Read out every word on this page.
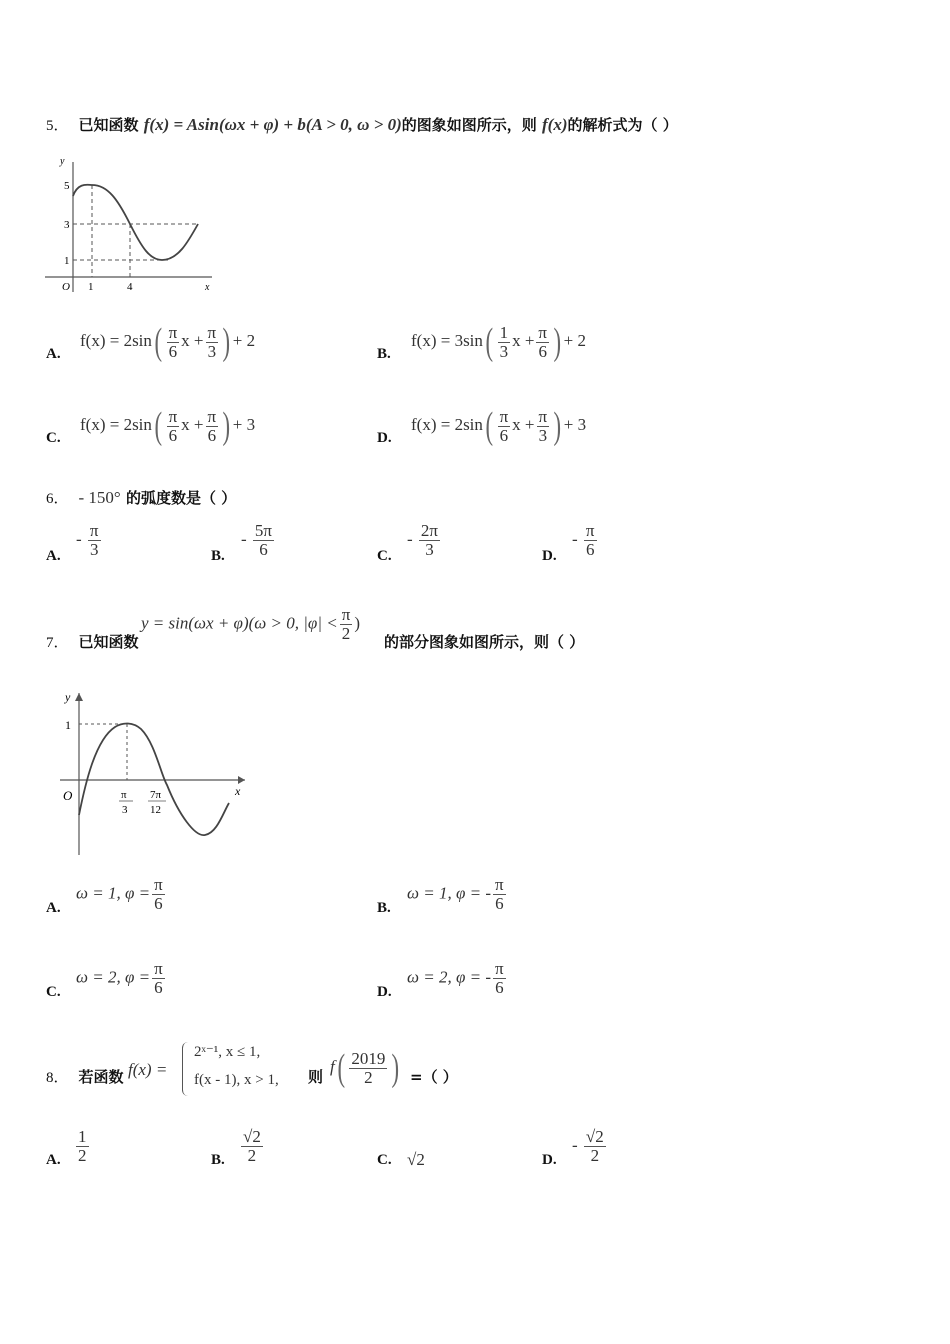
5． 已知函数 f(x) = Asin(ωx + φ) + b(A > 0, ω > 0)的图象如图所示，则 f(x)的解析式为（ ）
y
x
O
5
3
1
1	4
A.
$f(x) = 2\sin( \frac{\pi}{6}$ $x + \frac{\pi}{3}$ ) + 2
B.
$f(x) = 3\sin( \frac{1}{3}$ $x + \frac{\pi}{6}$ ) + 2
C.
$f(x) = 2\sin( \frac{\pi}{6}$ $x + \frac{\pi}{6}$ ) + 3
D.
$f(x) = 2\sin( \frac{\pi}{6}$ $x + \frac{\pi}{3}$ ) + 3
6． - 150° 的弧度数是（ ）
A.
- $\frac{\pi}{3}$	B.
- $\frac{5\pi}{6}$	C.
- $\frac{2\pi}{3}$	D.
- $\frac{\pi}{6}$
7． 已知函数
y = sin(ωx + φ)(ω > 0, $|\varphi| < \frac{\pi}{2}$ )
的部分图象如图所示，则（ ）
y
x
O
1
π
3
7π
12
A.
ω = 1, $\varphi = \frac{\pi}{6}$	B.
ω = 1, φ = - $\frac{\pi}{6}$
C.
ω = 2, $\varphi = \frac{\pi}{6}$	D.
ω = 2, φ = - $\frac{\pi}{6}$
8． 若函数 f(x) =
2ˣ⁻¹, x ≤ 1,
f(x - 1), x > 1, 则
$f( \frac{2019}{2}$ ) =（ ）
A. $\frac{1}{2}$	B. $\frac{√2}{2}$	C. √2	D.
- $\frac{√2}{2}$
